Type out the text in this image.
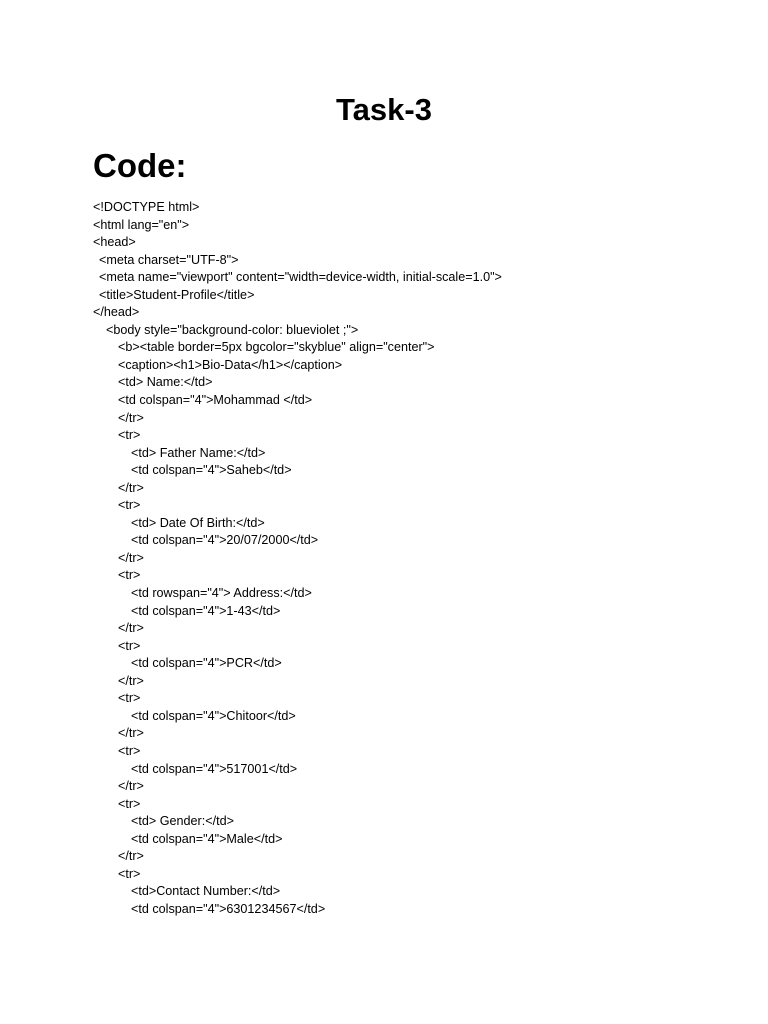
Task-3
Code:
<!DOCTYPE html>
<html lang="en">
<head>
<meta charset="UTF-8">
<meta name="viewport" content="width=device-width, initial-scale=1.0">
<title>Student-Profile</title>
</head>
<body style="background-color: blueviolet ;">
<b><table border=5px bgcolor="skyblue" align="center">
<caption><h1>Bio-Data</h1></caption>
<td> Name:</td>
<td colspan="4">Mohammad </td>
</tr>
<tr>
<td> Father Name:</td>
<td colspan="4">Saheb</td>
</tr>
<tr>
<td> Date Of Birth:</td>
<td colspan="4">20/07/2000</td>
</tr>
<tr>
<td rowspan="4"> Address:</td>
<td colspan="4">1-43</td>
</tr>
<tr>
<td colspan="4">PCR</td>
</tr>
<tr>
<td colspan="4">Chitoor</td>
</tr>
<tr>
<td colspan="4">517001</td>
</tr>
<tr>
<td> Gender:</td>
<td colspan="4">Male</td>
</tr>
<tr>
<td>Contact Number:</td>
<td colspan="4">6301234567</td>
